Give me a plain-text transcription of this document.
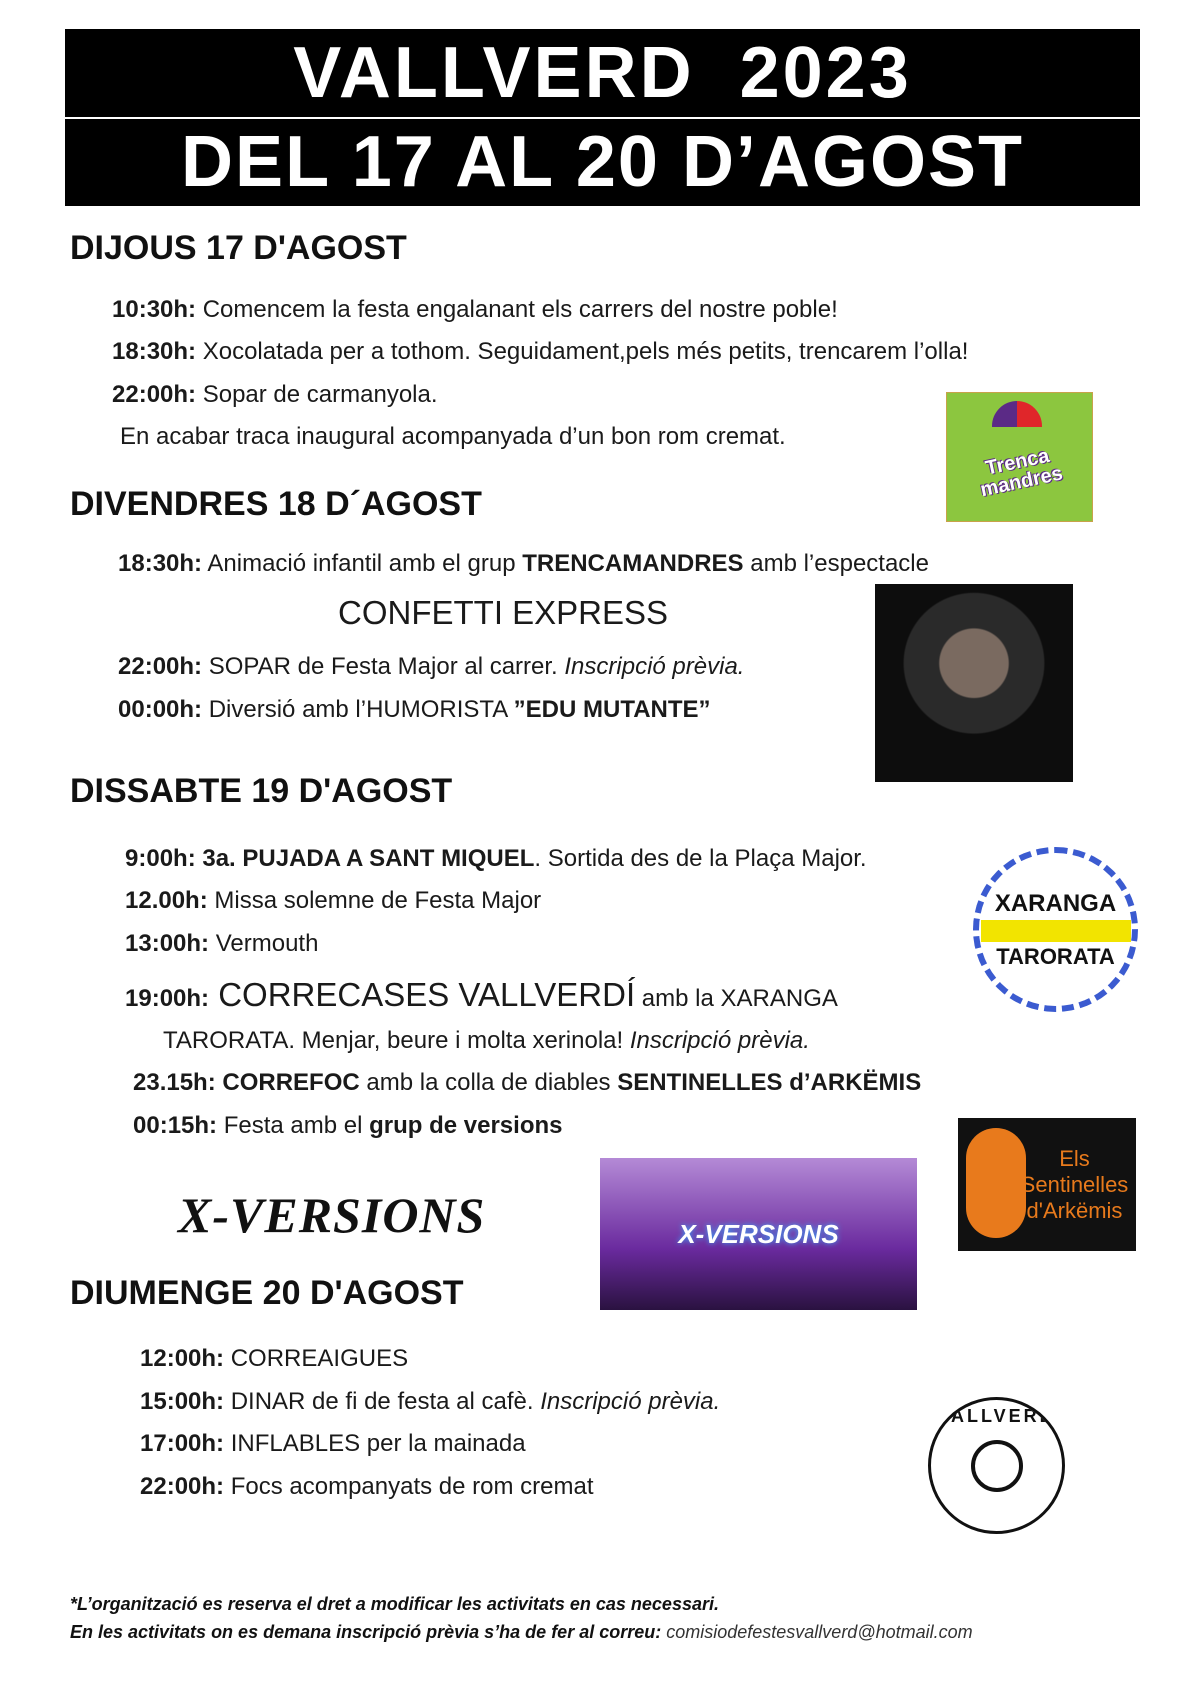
VALLVERD 2023
DEL 17 AL 20 D’AGOST
DIJOUS 17 D'AGOST
10:30h: Comencem la festa engalanant els carrers del nostre poble!
18:30h: Xocolatada per a tothom. Seguidament,pels més petits, trencarem l’olla!
22:00h: Sopar de carmanyola.
En acabar traca inaugural acompanyada d’un bon rom cremat.
Trenca mandres
DIVENDRES 18 D´AGOST
18:30h: Animació infantil amb el grup TRENCAMANDRES amb l’espectacle
CONFETTI EXPRESS
22:00h: SOPAR de Festa Major al carrer. Inscripció prèvia.
00:00h: Diversió amb l’HUMORISTA ”EDU MUTANTE”
DISSABTE 19 D'AGOST
9:00h: 3a. PUJADA A SANT MIQUEL. Sortida des de la Plaça Major.
12.00h: Missa solemne de Festa Major
13:00h: Vermouth
19:00h: CORRECASES VALLVERDÍ amb la XARANGA
TARORATA. Menjar, beure i molta xerinola! Inscripció prèvia.
23.15h: CORREFOC amb la colla de diables SENTINELLES d’ARKËMIS
00:15h: Festa amb el grup de versions
X-VERSIONS
XARANGA
TARORATA
Els Sentinelles d'Arkëmis
X-VERSIONS
DIUMENGE 20 D'AGOST
12:00h: CORREAIGUES
15:00h: DINAR de fi de festa al cafè. Inscripció prèvia.
17:00h: INFLABLES per la mainada
22:00h: Focs acompanyats de rom cremat
VALLVERD
*L’organització es reserva el dret a modificar les activitats en cas necessari.
En les activitats on es demana inscripció prèvia s’ha de fer al correu: comisiodefestesvallverd@hotmail.com
